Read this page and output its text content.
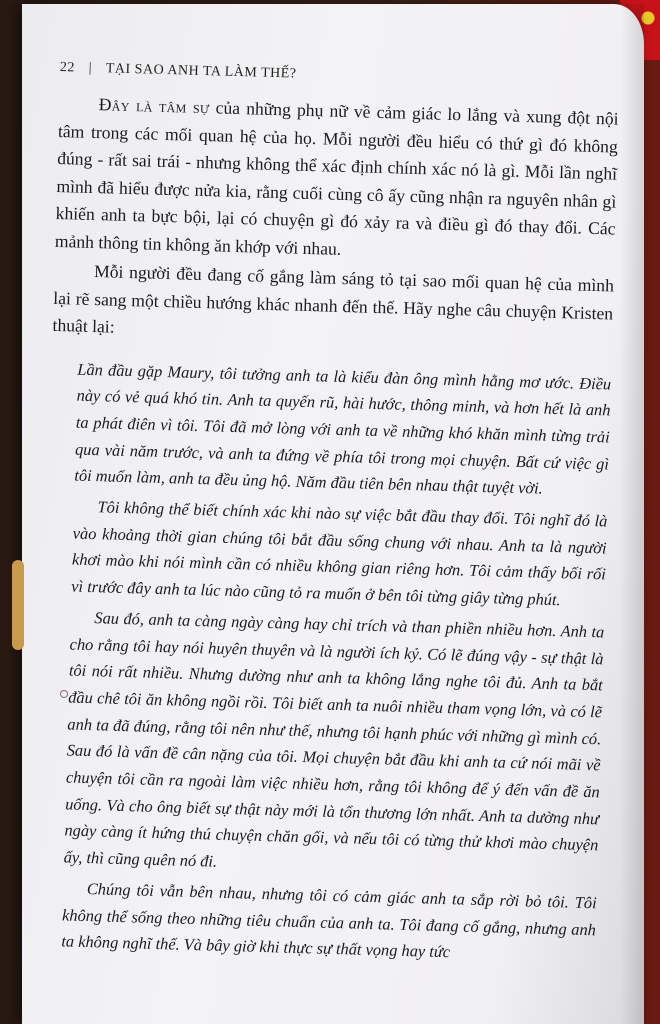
22 | TẠI SAO ANH TA LÀM THẾ?

Đây là tâm sự của những phụ nữ về cảm giác lo lắng và xung đột nội tâm trong các mối quan hệ của họ. Mỗi người đều hiểu có thứ gì đó không đúng - rất sai trái - nhưng không thể xác định chính xác nó là gì. Mỗi lần nghĩ mình đã hiểu được nửa kia, rằng cuối cùng cô ấy cũng nhận ra nguyên nhân gì khiến anh ta bực bội, lại có chuyện gì đó xảy ra và điều gì đó thay đổi. Các mảnh thông tin không ăn khớp với nhau.

Mỗi người đều đang cố gắng làm sáng tỏ tại sao mối quan hệ của mình lại rẽ sang một chiều hướng khác nhanh đến thế. Hãy nghe câu chuyện Kristen thuật lại:

Lần đầu gặp Maury, tôi tưởng anh ta là kiểu đàn ông mình hằng mơ ước. Điều này có vẻ quá khó tin. Anh ta quyến rũ, hài hước, thông minh, và hơn hết là anh ta phát điên vì tôi. Tôi đã mở lòng với anh ta về những khó khăn mình từng trải qua vài năm trước, và anh ta đứng về phía tôi trong mọi chuyện. Bất cứ việc gì tôi muốn làm, anh ta đều ủng hộ. Năm đầu tiên bên nhau thật tuyệt vời.

Tôi không thể biết chính xác khi nào sự việc bắt đầu thay đổi. Tôi nghĩ đó là vào khoảng thời gian chúng tôi bắt đầu sống chung với nhau. Anh ta là người khơi mào khi nói mình cần có nhiều không gian riêng hơn. Tôi cảm thấy bối rối vì trước đây anh ta lúc nào cũng tỏ ra muốn ở bên tôi từng giây từng phút.

Sau đó, anh ta càng ngày càng hay chỉ trích và than phiền nhiều hơn. Anh ta cho rằng tôi hay nói huyên thuyên và là người ích kỷ. Có lẽ đúng vậy - sự thật là tôi nói rất nhiều. Nhưng dường như anh ta không lắng nghe tôi đủ. Anh ta bắt đầu chê tôi ăn không ngồi rồi. Tôi biết anh ta nuôi nhiều tham vọng lớn, và có lẽ anh ta đã đúng, rằng tôi nên như thế, nhưng tôi hạnh phúc với những gì mình có. Sau đó là vấn đề cân nặng của tôi. Mọi chuyện bắt đầu khi anh ta cứ nói mãi về chuyện tôi cần ra ngoài làm việc nhiều hơn, rằng tôi không để ý đến vấn đề ăn uống. Và cho ông biết sự thật này mới là tổn thương lớn nhất. Anh ta dường như ngày càng ít hứng thú chuyện chăn gối, và nếu tôi có từng thử khơi mào chuyện ấy, thì cũng quên nó đi.

Chúng tôi vẫn bên nhau, nhưng tôi có cảm giác anh ta sắp rời bỏ tôi. Tôi không thể sống theo những tiêu chuẩn của anh ta. Tôi đang cố gắng, nhưng anh ta không nghĩ thế. Và bây giờ khi thực sự thất vọng hay tức
